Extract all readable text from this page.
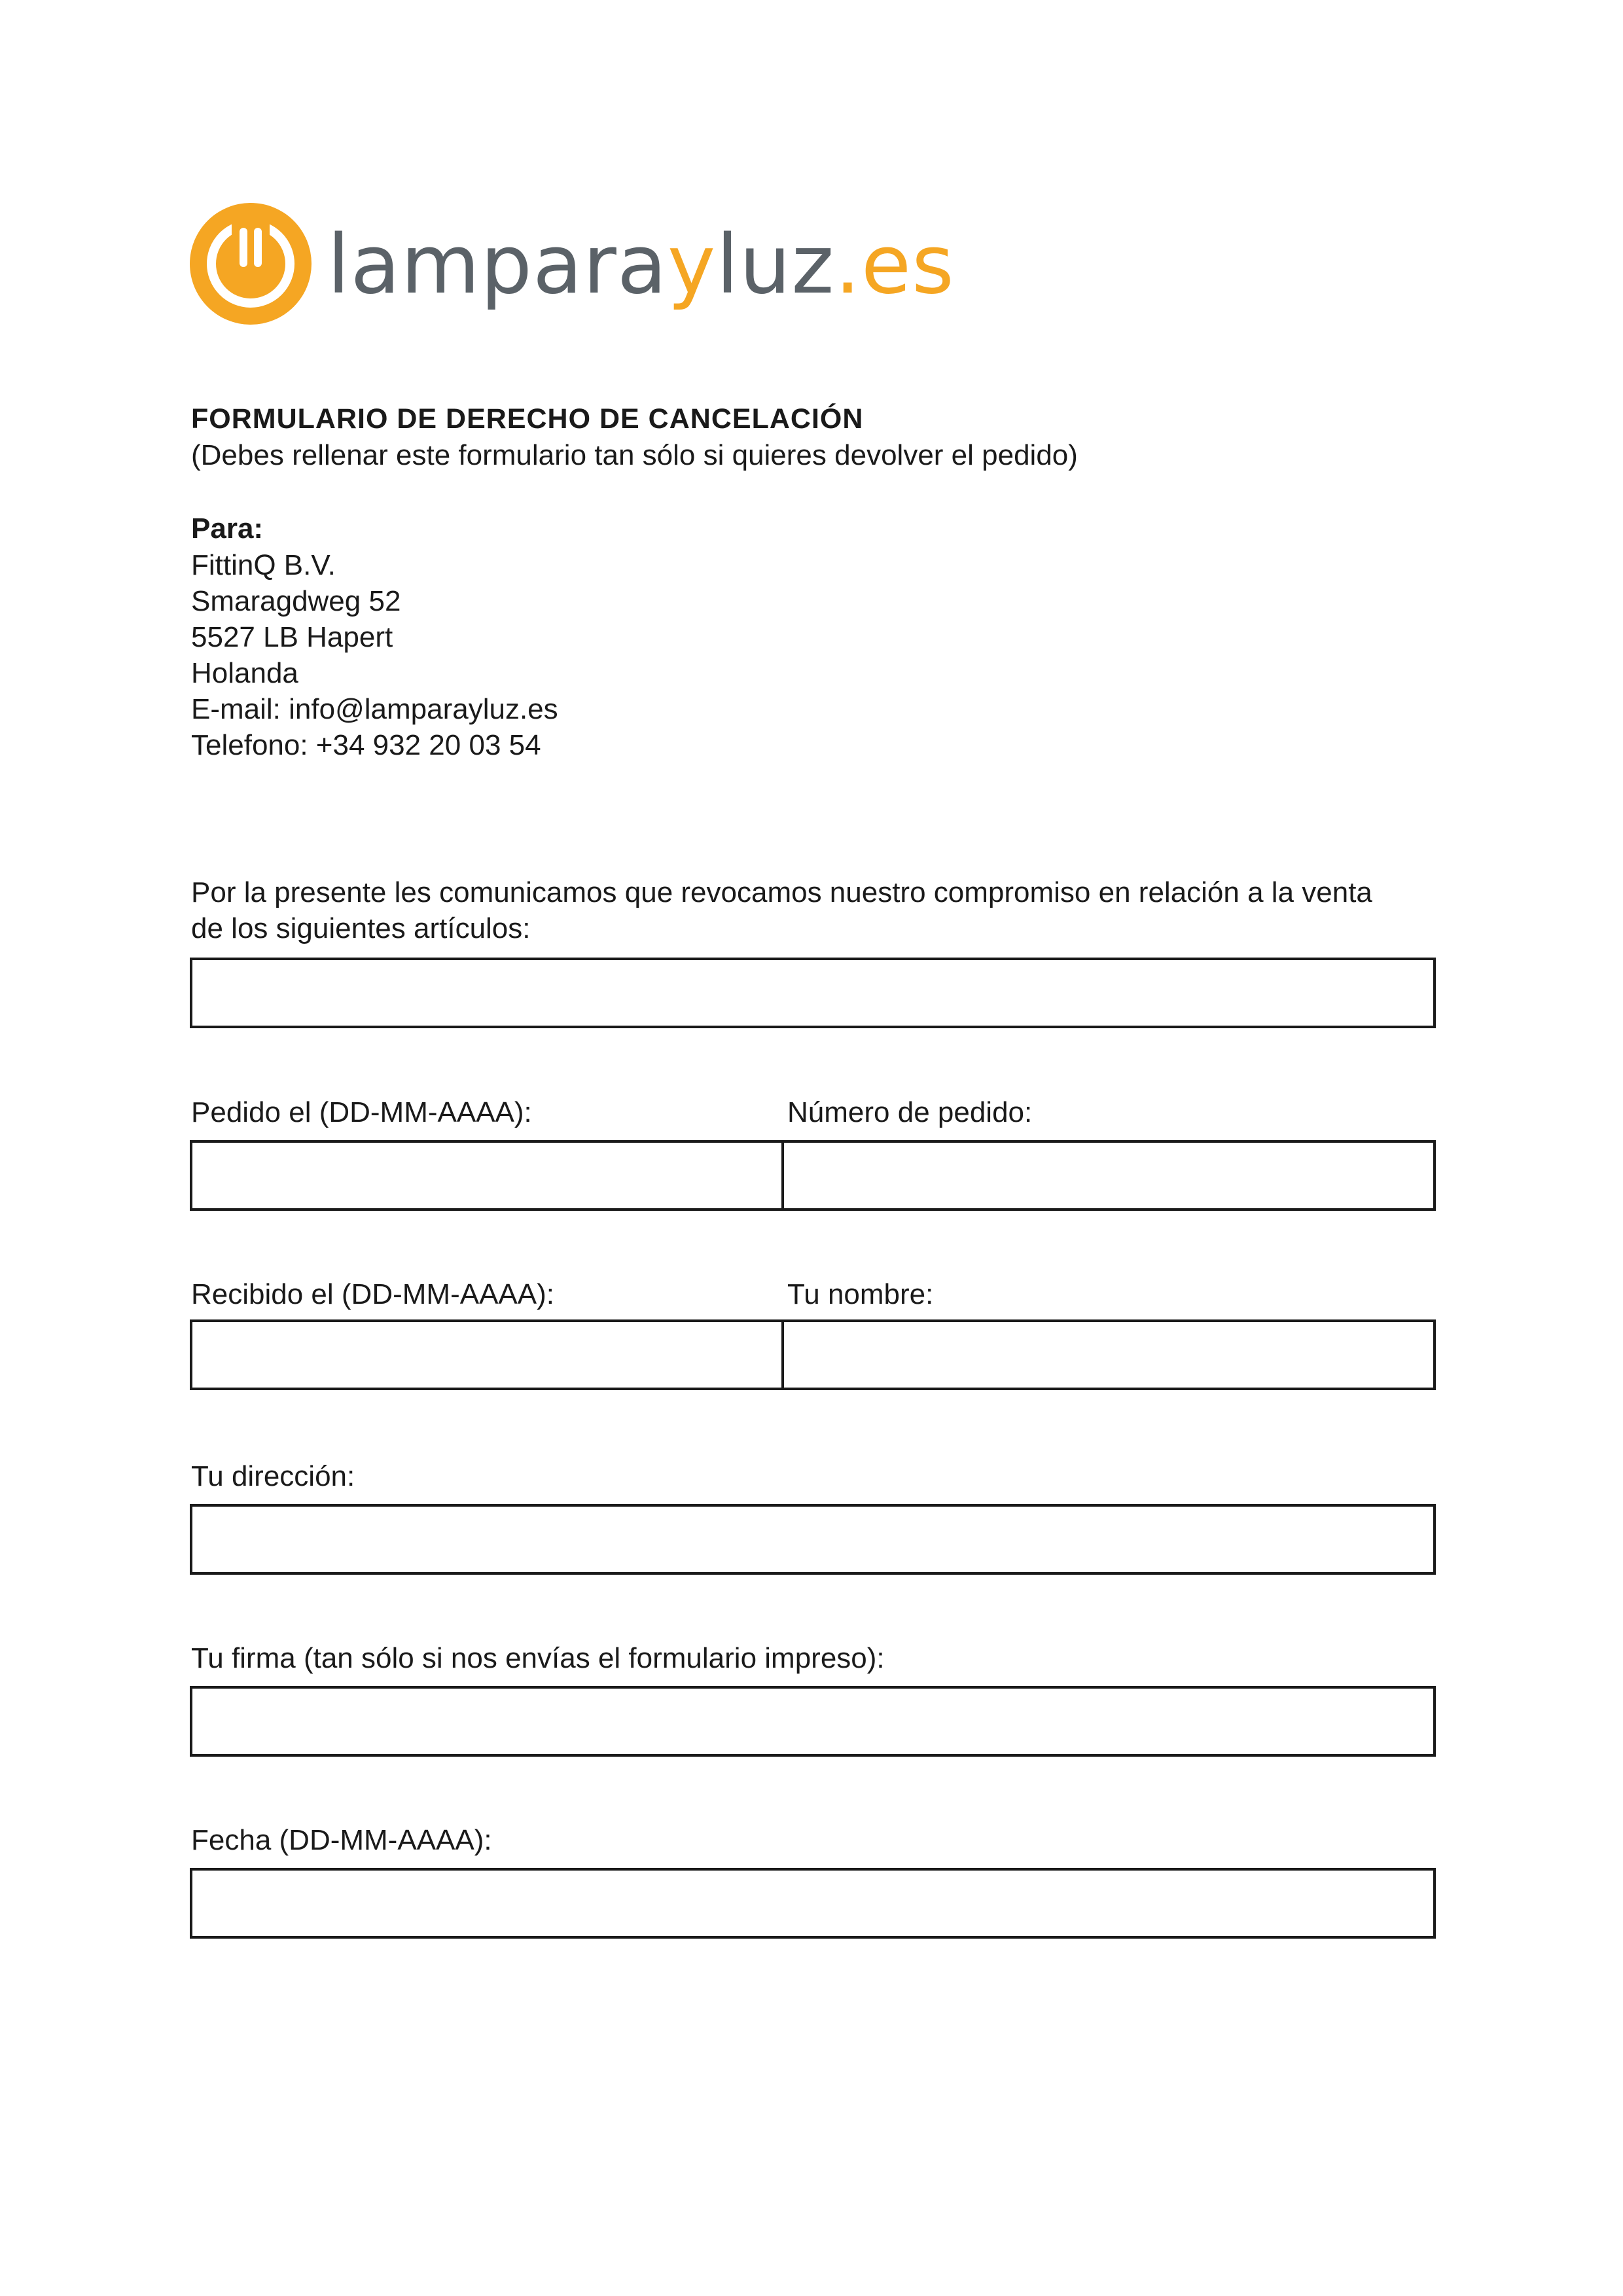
lamparayluz.es
FORMULARIO DE DERECHO DE CANCELACIÓN
(Debes rellenar este formulario tan sólo si quieres devolver el pedido)
Para:
FittinQ B.V.
Smaragdweg 52
5527 LB Hapert
Holanda
E-mail: info@lamparayluz.es
Telefono: +34 932 20 03 54
Por la presente les comunicamos que revocamos nuestro compromiso en relación a la venta
de los siguientes artículos:
Pedido el (DD-MM-AAAA):	Número de pedido:
Recibido el (DD-MM-AAAA):	Tu nombre:
Tu dirección:
Tu firma (tan sólo si nos envías el formulario impreso):
Fecha (DD-MM-AAAA):
